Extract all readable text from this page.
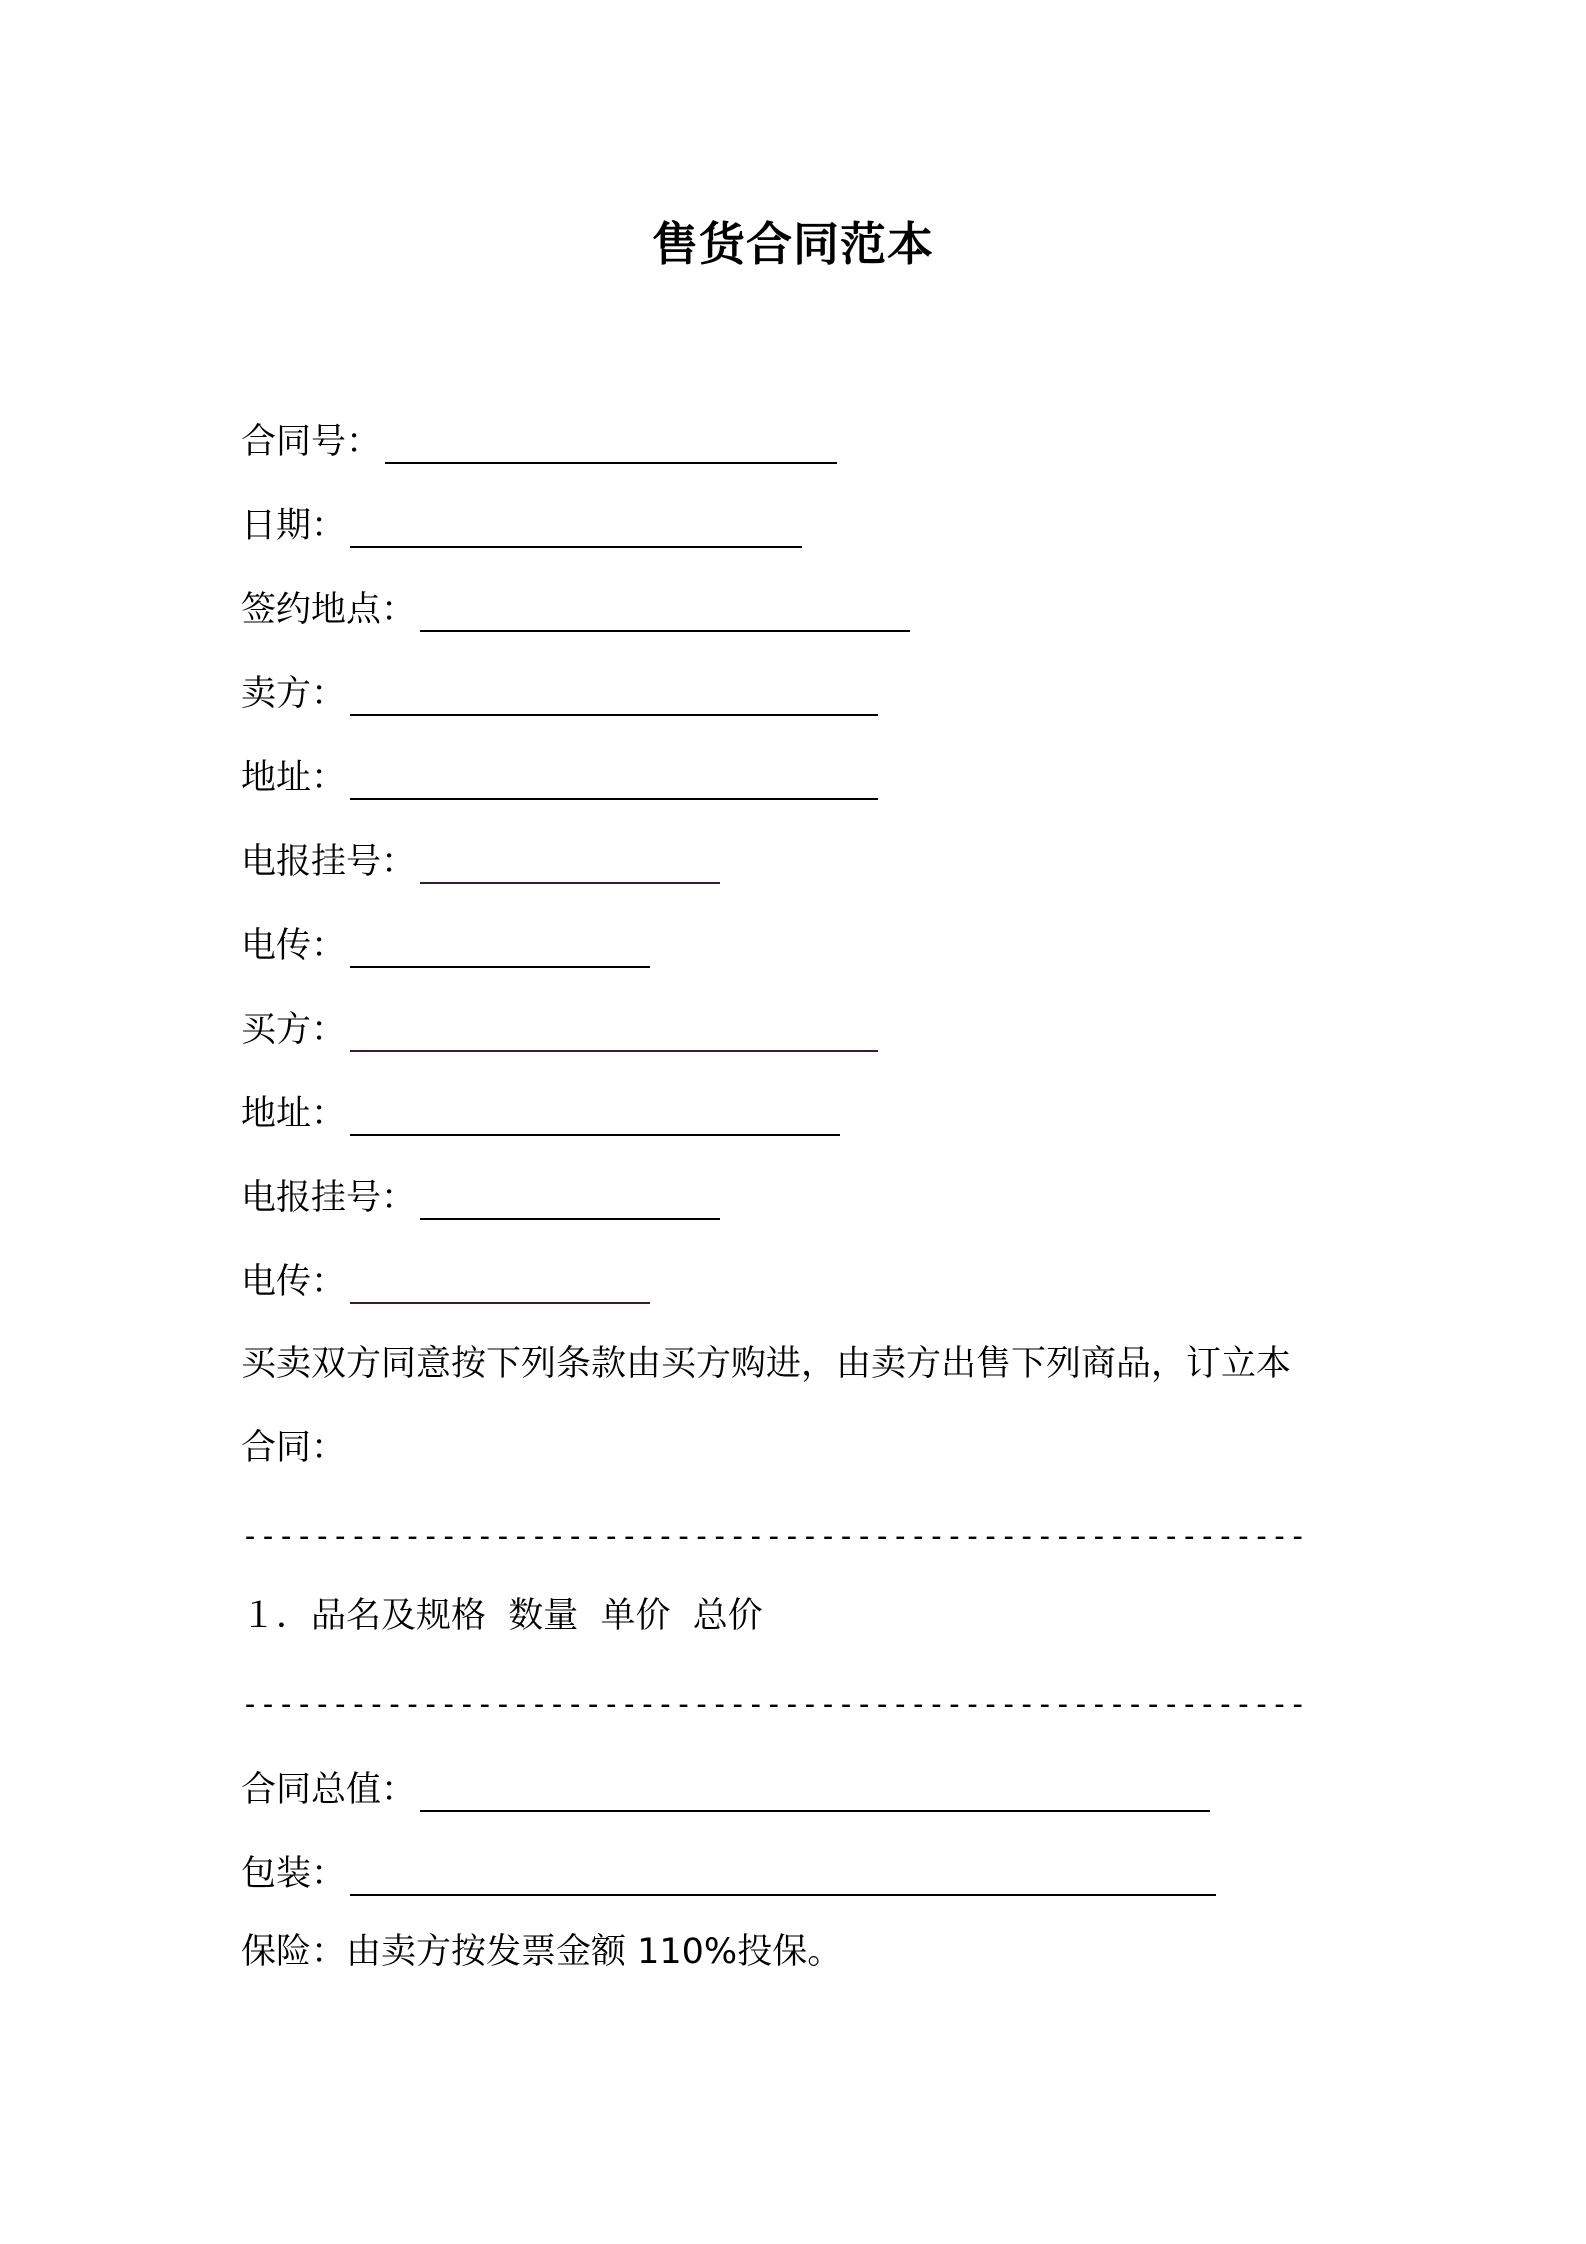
售货合同范本
合同号：
日期：
签约地点：
卖方：
地址：
电报挂号：
电传：
买方：
地址：
电报挂号：
电传：
买卖双方同意按下列条款由买方购进，由卖方出售下列商品，订立本
合同：
-----------------------------------------------------------
１．品名及规格  数量  单价  总价
-----------------------------------------------------------
合同总值：
包装：
保险：由卖方按发票金额 110%投保。
